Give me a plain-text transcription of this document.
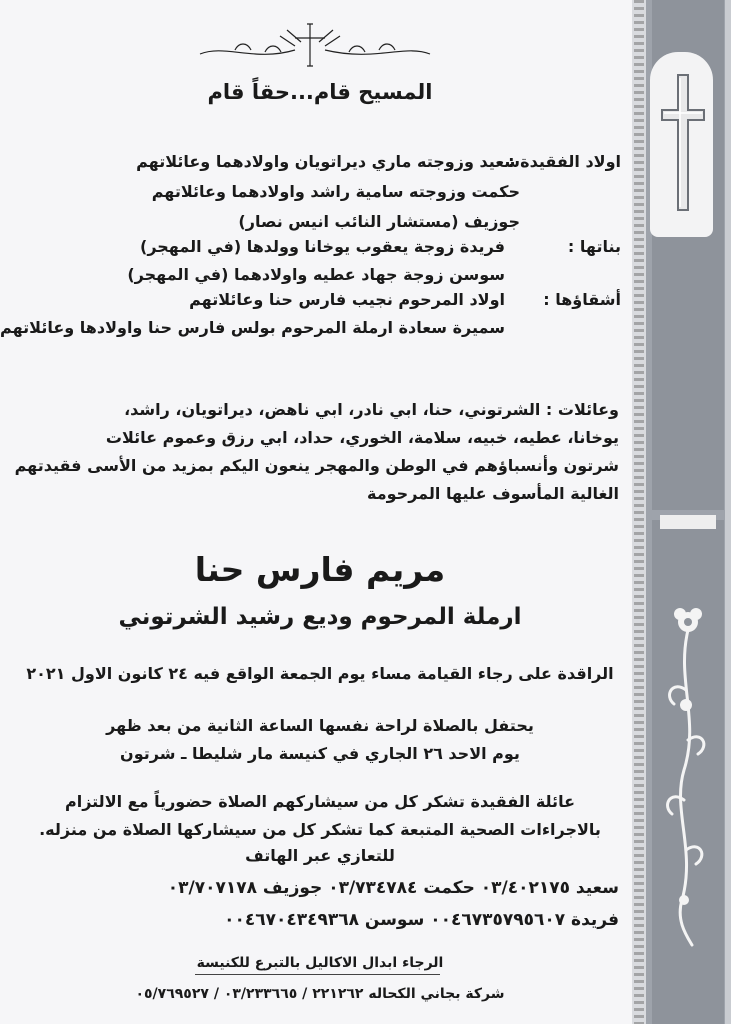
المسيح قام...حقاً قام
اولاد الفقيدة :
سعيد وزوجته ماري ديراتويان واولادهما وعائلاتهم
حكمت وزوجته سامية راشد واولادهما وعائلاتهم
جوزيف (مستشار النائب انيس نصار)
بناتها :
فريدة زوجة يعقوب يوخانا وولدها (في المهجر)
سوسن زوجة جهاد عطيه واولادهما (في المهجر)
أشقاؤها :
اولاد المرحوم نجيب فارس حنا وعائلاتهم
سميرة سعادة ارملة المرحوم بولس فارس حنا واولادها وعائلاتهم
وعائلات : الشرتوني، حنا، ابي نادر، ابي ناهض، ديراتويان، راشد،
يوخانا، عطيه، خبيه، سلامة، الخوري، حداد، ابي رزق وعموم عائلات
شرتون وأنسباؤهم في الوطن والمهجر ينعون اليكم بمزيد من الأسى فقيدتهم
الغالية المأسوف عليها المرحومة
مريم فارس حنا
ارملة المرحوم وديع رشيد الشرتوني
الراقدة على رجاء القيامة مساء يوم الجمعة الواقع فيه ٢٤ كانون الاول ٢٠٢١
يحتفل بالصلاة لراحة نفسها الساعة الثانية من بعد ظهر
يوم الاحد ٢٦ الجاري في كنيسة مار شليطا ـ شرتون
عائلة الفقيدة تشكر كل من سيشاركهم الصلاة حضورياً مع الالتزام
بالاجراءات الصحية المتبعة كما تشكر كل من سيشاركها الصلاة من منزله.
للتعازي عبر الهاتف
سعيد ٠٣/٤٠٢١٧٥ حكمت ٠٣/٧٣٤٧٨٤ جوزيف ٠٣/٧٠٧١٧٨
فريدة ٠٠٤٦٧٣٥٧٩٥٦٠٧ سوسن ٠٠٤٦٧٠٤٣٤٩٣٦٨
الرجاء ابدال الاكاليل بالتبرع للكنيسة
شركة بجاني الكحاله ٢٢١٢٦٢ / ٠٣/٢٣٣٦٦٥ / ٠٥/٧٦٩٥٢٧
